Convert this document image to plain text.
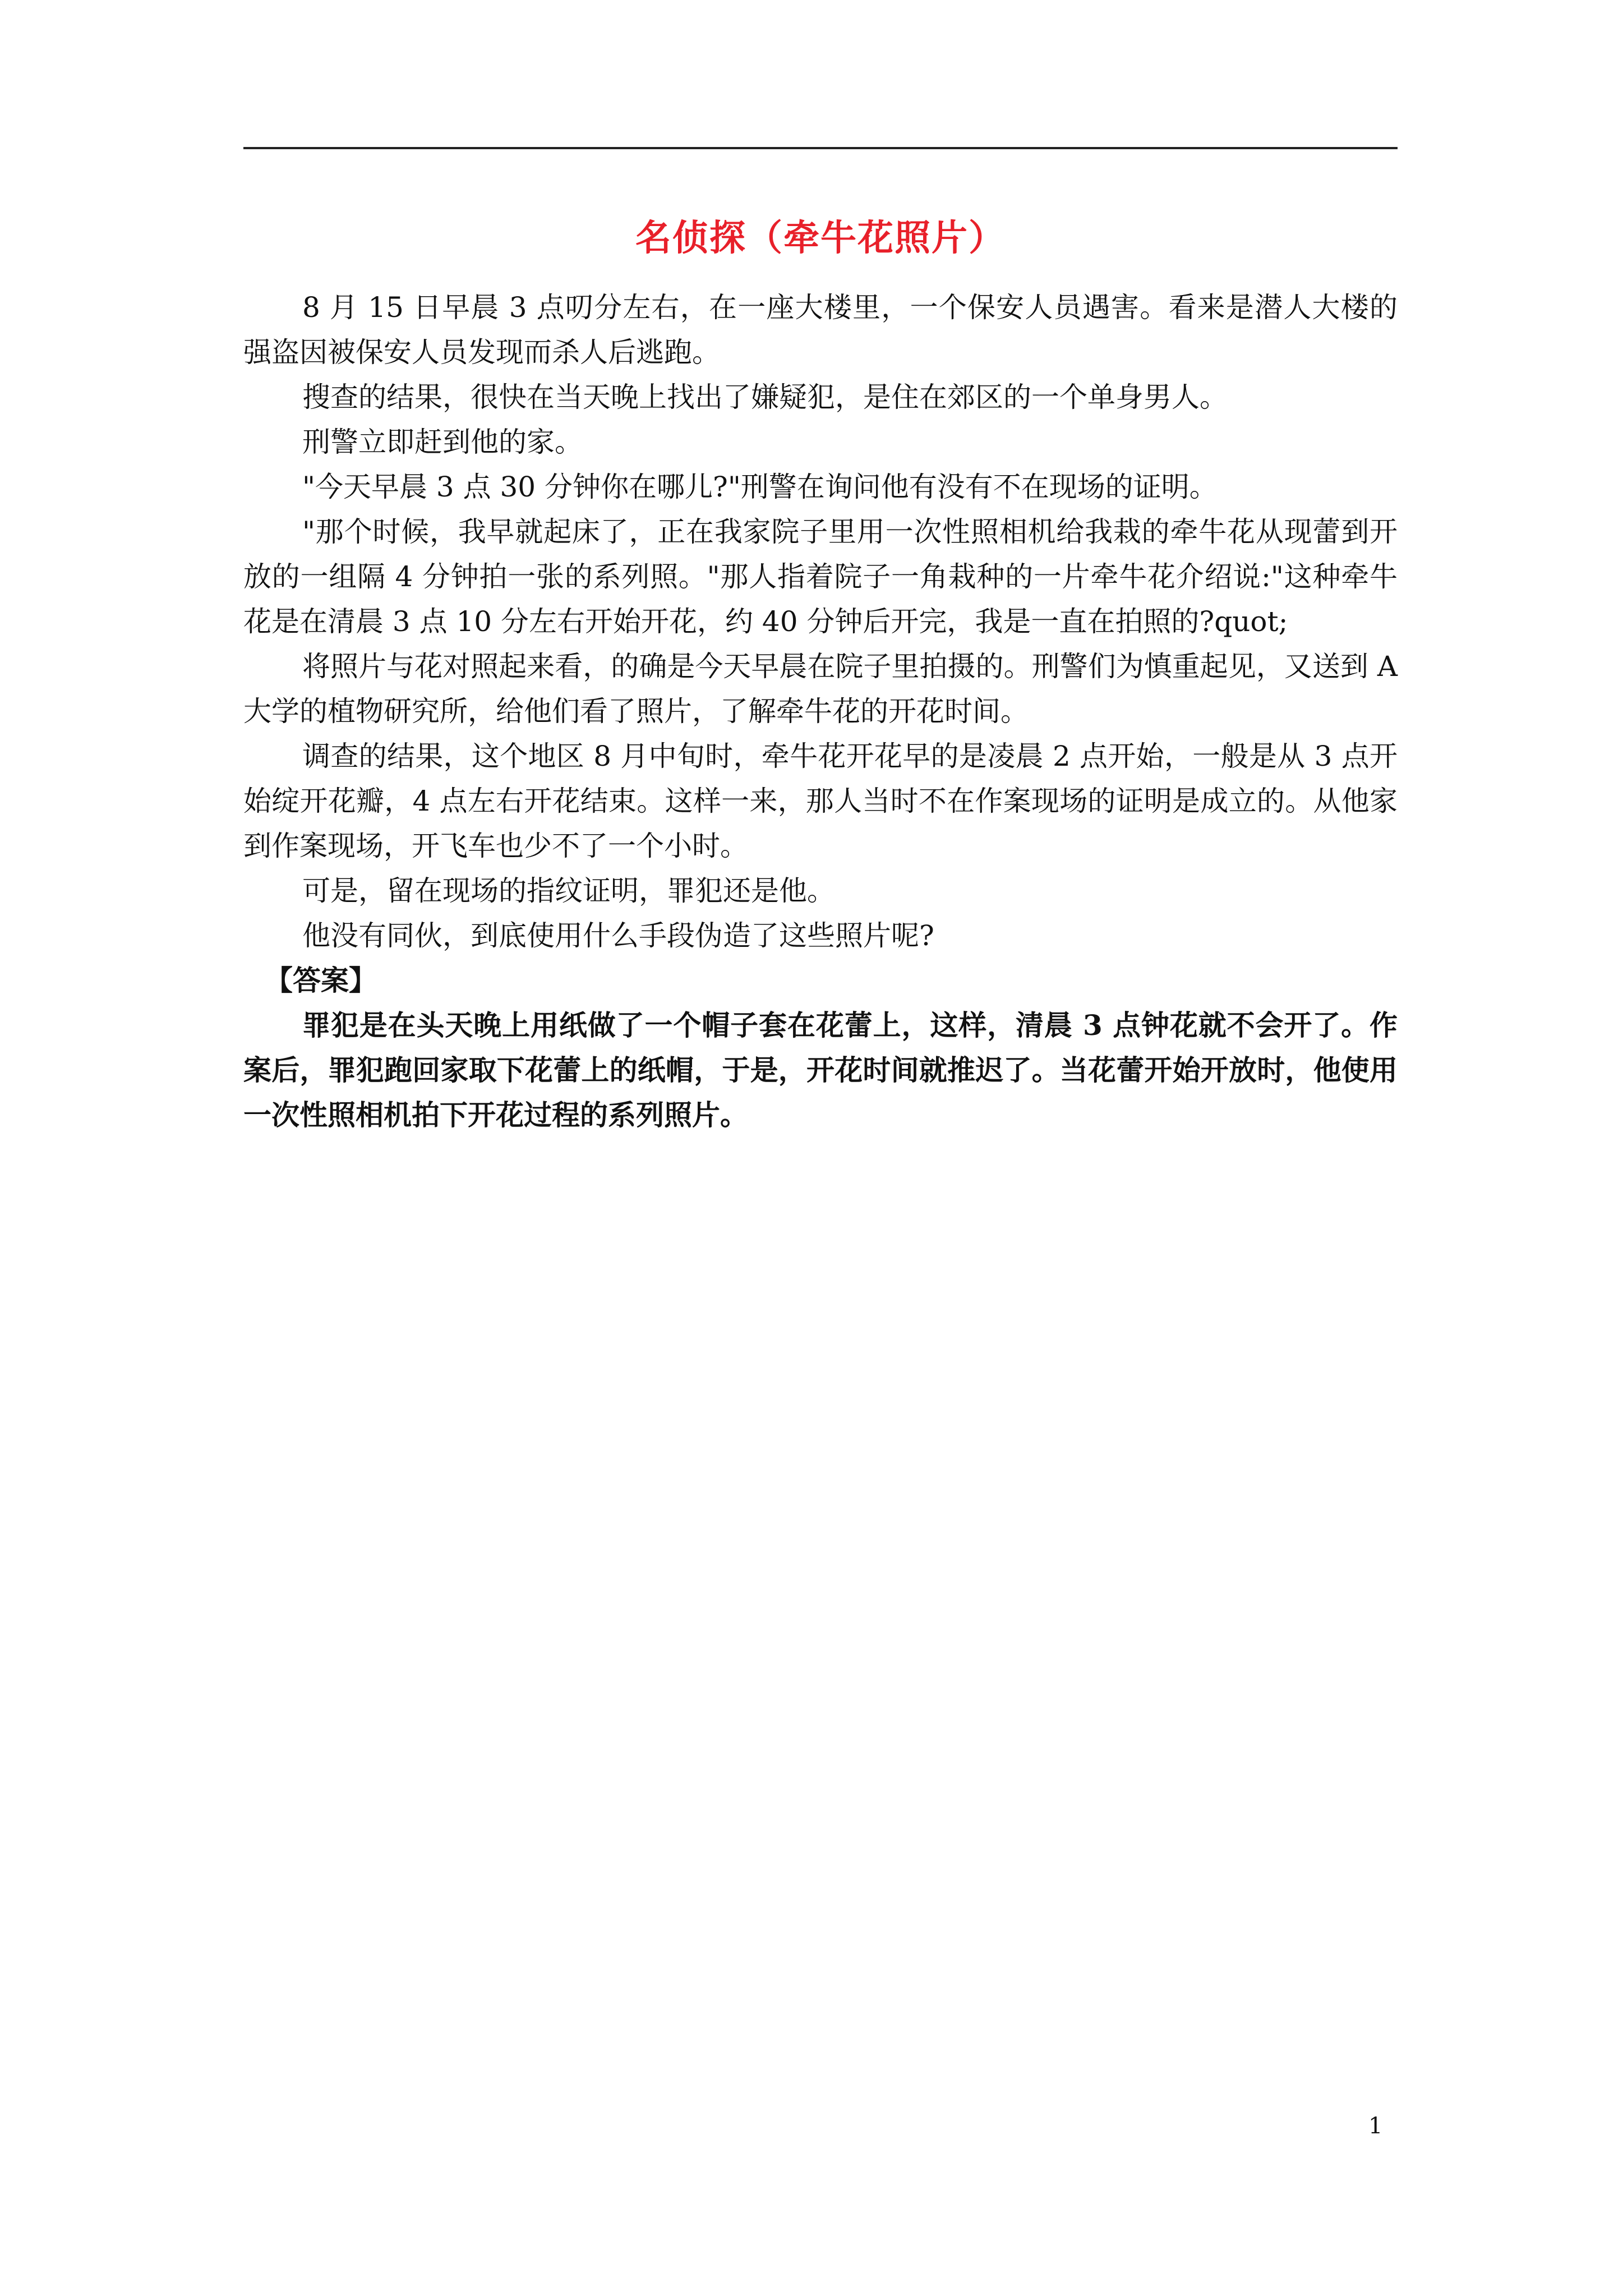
名侦探（牵牛花照片）

8 月 15 日早晨 3 点叨分左右，在一座大楼里，一个保安人员遇害。看来是潜人大楼的强盗因被保安人员发现而杀人后逃跑。

搜查的结果，很快在当天晚上找出了嫌疑犯，是住在郊区的一个单身男人。

刑警立即赶到他的家。

"今天早晨 3 点 30 分钟你在哪儿?"刑警在询问他有没有不在现场的证明。

"那个时候，我早就起床了，正在我家院子里用一次性照相机给我栽的牵牛花从现蕾到开放的一组隔 4 分钟拍一张的系列照。"那人指着院子一角栽种的一片牵牛花介绍说:"这种牵牛花是在清晨 3 点 10 分左右开始开花，约 40 分钟后开完，我是一直在拍照的?quot;

将照片与花对照起来看，的确是今天早晨在院子里拍摄的。刑警们为慎重起见，又送到 A 大学的植物研究所，给他们看了照片，了解牵牛花的开花时间。

调查的结果，这个地区 8 月中旬时，牵牛花开花早的是凌晨 2 点开始，一般是从 3 点开始绽开花瓣，4 点左右开花结束。这样一来，那人当时不在作案现场的证明是成立的。从他家到作案现场，开飞车也少不了一个小时。

可是，留在现场的指纹证明，罪犯还是他。

他没有同伙，到底使用什么手段伪造了这些照片呢?

【答案】

罪犯是在头天晚上用纸做了一个帽子套在花蕾上，这样，清晨 3 点钟花就不会开了。作案后，罪犯跑回家取下花蕾上的纸帽，于是，开花时间就推迟了。当花蕾开始开放时，他使用一次性照相机拍下开花过程的系列照片。

1
